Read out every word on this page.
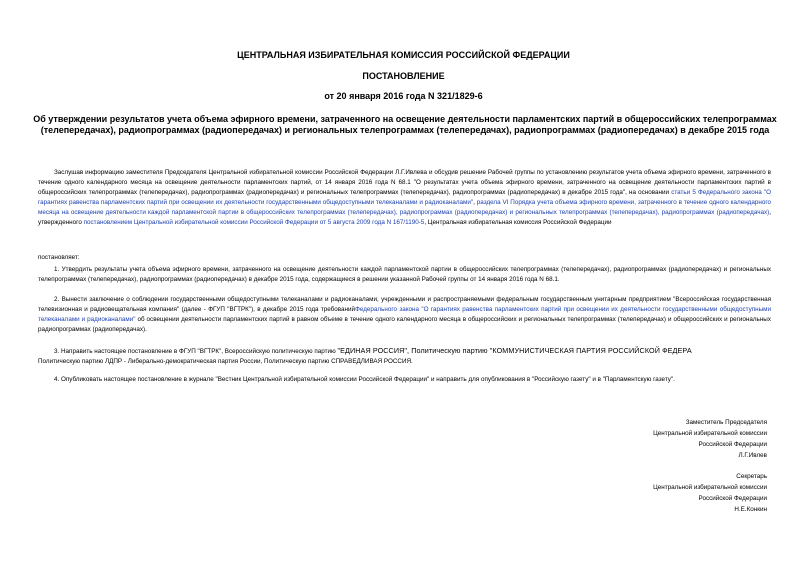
ЦЕНТРАЛЬНАЯ ИЗБИРАТЕЛЬНАЯ КОМИССИЯ РОССИЙСКОЙ ФЕДЕРАЦИИ
ПОСТАНОВЛЕНИЕ
от 20 января 2016 года N 321/1829-6
Об утверждении результатов учета объема эфирного времени, затраченного на освещение деятельности парламентских партий в общероссийских телепрограммах (телепередачах), радиопрограммах (радиопередачах) и региональных телепрограммах (телепередачах), радиопрограммах (радиопередачах) в декабре 2015 года
Заслушав информацию заместителя Председателя Центральной избирательной комиссии Российской Федерации Л.Г.Ивлева и обсудив решение Рабочей группы по установлению результатов учета объема эфирного времени, затраченного в течение одного календарного месяца на освещение деятельности парламентских партий, от 14 января 2016 года N 68.1 "О результатах учета объема эфирного времени, затраченного на освещение деятельности парламентских партий в общероссийских телепрограммах (телепередачах), радиопрограммах (радиопередачах) и региональных телепрограммах (телепередачах), радиопрограммах (радиопередачах) в декабре 2015 года", на основании статьи 5 Федерального закона "О гарантиях равенства парламентских партий при освещении их деятельности государственными общедоступными телеканалами и радиоканалами", раздела VI Порядка учета объема эфирного времени, затраченного в течение одного календарного месяца на освещение деятельности каждой парламентской партии в общероссийских телепрограммах (телепередачах), радиопрограммах (радиопередачах) и региональных телепрограммах (телепередачах), радиопрограммах (радиопередачах), утвержденного постановлением Центральной избирательной комиссии Российской Федерации от 5 августа 2009 года N 167/1190-5, Центральная избирательная комиссия Российской Федерации
постановляет:
1. Утвердить результаты учета объема эфирного времени, затраченного на освещение деятельности каждой парламентской партии в общероссийских телепрограммах (телепередачах), радиопрограммах (радиопередачах) и региональных телепрограммах (телепередачах), радиопрограммах (радиопередачах) в декабре 2015 года, содержащиеся в решении указанной Рабочей группы от 14 января 2016 года N 68.1.
2. Вынести заключение о соблюдении государственными общедоступными телеканалами и радиоканалами, учрежденными и распространяемыми федеральным государственным унитарным предприятием "Всероссийская государственная телевизионная и радиовещательная компания" (далее - ФГУП "ВГТРК"), в декабре 2015 года требованийФедерального закона "О гарантиях равенства парламентских партий при освещении их деятельности государственными общедоступными телеканалами и радиоканалами" об освещении деятельности парламентских партий в равном объеме в течение одного календарного месяца в общероссийских и региональных телепрограммах (телепередачах) и общероссийских и региональных радиопрограммах (радиопередачах).
3. Направить настоящее постановление в ФГУП "ВГТРК", Всероссийскую политическую партию "ЕДИНАЯ РОССИЯ", Политическую партию "КОММУНИСТИЧЕСКАЯ ПАРТИЯ РОССИЙСКОЙ ФЕДЕРА
Политическую партию ЛДПР - Либерально-демократическая партия России, Политическую партию СПРАВЕДЛИВАЯ РОССИЯ.
4. Опубликовать настоящее постановление в журнале "Вестник Центральной избирательной комиссии Российской Федерации" и направить для опубликования в "Российскую газету" и в "Парламентскую газету".
Заместитель Председателя
Центральной избирательной комиссии
Российской Федерации
Л.Г.Ивлев
Секретарь
Центральной избирательной комиссии
Российской Федерации
Н.Е.Конкин
